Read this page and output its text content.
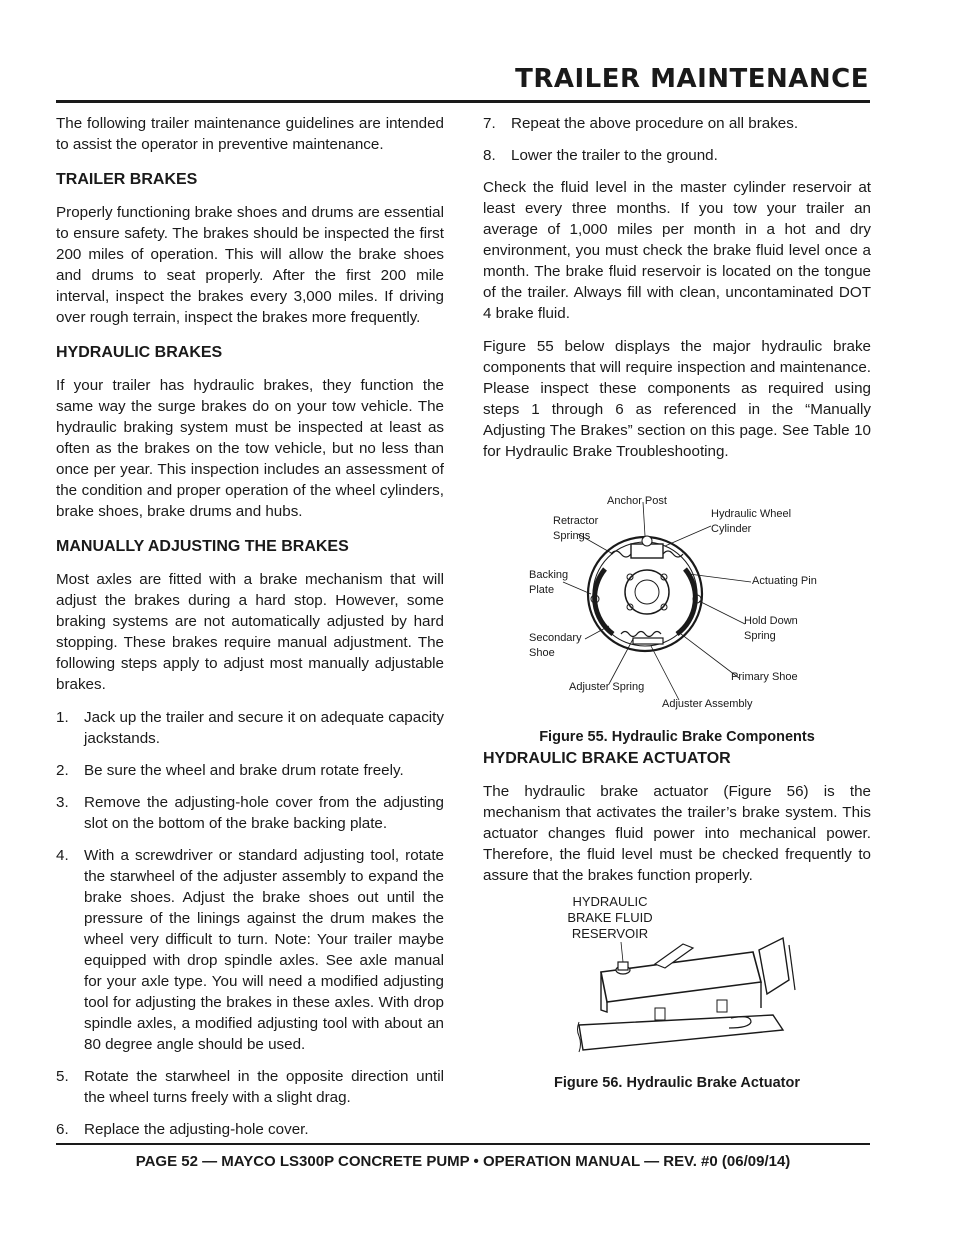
TRAILER MAINTENANCE

The following trailer maintenance guidelines are intended to assist the operator in preventive maintenance.

TRAILER BRAKES

Properly functioning brake shoes and drums are essential to ensure safety. The brakes should be inspected the first 200 miles of operation. This will allow the brake shoes and drums to seat properly. After the first 200 mile interval, inspect the brakes every 3,000 miles. If driving over rough terrain, inspect the brakes more frequently.

HYDRAULIC BRAKES

If your trailer has hydraulic brakes, they function the same way the surge brakes do on your tow vehicle. The hydraulic braking system must be inspected at least as often as the brakes on the tow vehicle, but no less than once per year. This inspection includes an assessment of the condition and proper operation of the wheel cylinders, brake shoes, brake drums and hubs.

MANUALLY ADJUSTING THE BRAKES

Most axles are fitted with a brake mechanism that will adjust the brakes during a hard stop. However, some braking systems are not automatically adjusted by hard stopping. These brakes require manual adjustment. The following steps apply to adjust most manually adjustable brakes.

1. Jack up the trailer and secure it on adequate capacity jackstands.
2. Be sure the wheel and brake drum rotate freely.
3. Remove the adjusting-hole cover from the adjusting slot on the bottom of the brake backing plate.
4. With a screwdriver or standard adjusting tool, rotate the starwheel of the adjuster assembly to expand the brake shoes. Adjust the brake shoes out until the pressure of the linings against the drum makes the wheel very difficult to turn. Note: Your trailer maybe equipped with drop spindle axles. See axle manual for your axle type. You will need a modified adjusting tool for adjusting the brakes in these axles. With drop spindle axles, a modified adjusting tool with about an 80 degree angle should be used.
5. Rotate the starwheel in the opposite direction until the wheel turns freely with a slight drag.
6. Replace the adjusting-hole cover.
7. Repeat the above procedure on all brakes.
8. Lower the trailer to the ground.

Check the fluid level in the master cylinder reservoir at least every three months. If you tow your trailer an average of 1,000 miles per month in a hot and dry environment, you must check the brake fluid level once a month. The brake fluid reservoir is located on the tongue of the trailer. Always fill with clean, uncontaminated DOT 4 brake fluid.

Figure 55 below displays the major hydraulic brake components that will require inspection and maintenance. Please inspect these components as required using steps 1 through 6 as referenced in the “Manually Adjusting The Brakes” section on this page. See Table 10 for Hydraulic Brake Troubleshooting.

Anchor Post
Retractor
Springs
Hydraulic Wheel
Cylinder
Backing
Plate
Actuating Pin
Hold Down
Spring
Secondary
Shoe
Primary Shoe
Adjuster Spring
Adjuster Assembly

Figure 55. Hydraulic Brake Components

HYDRAULIC BRAKE ACTUATOR

The hydraulic brake actuator (Figure 56) is the mechanism that activates the trailer’s brake system. This actuator changes fluid power into mechanical power. Therefore, the fluid level must be checked frequently to assure that the brakes function properly.

HYDRAULIC
BRAKE FLUID
RESERVOIR

Figure 56. Hydraulic Brake Actuator

PAGE 52 — MAYCO LS300P CONCRETE PUMP • OPERATION MANUAL — REV. #0 (06/09/14)
